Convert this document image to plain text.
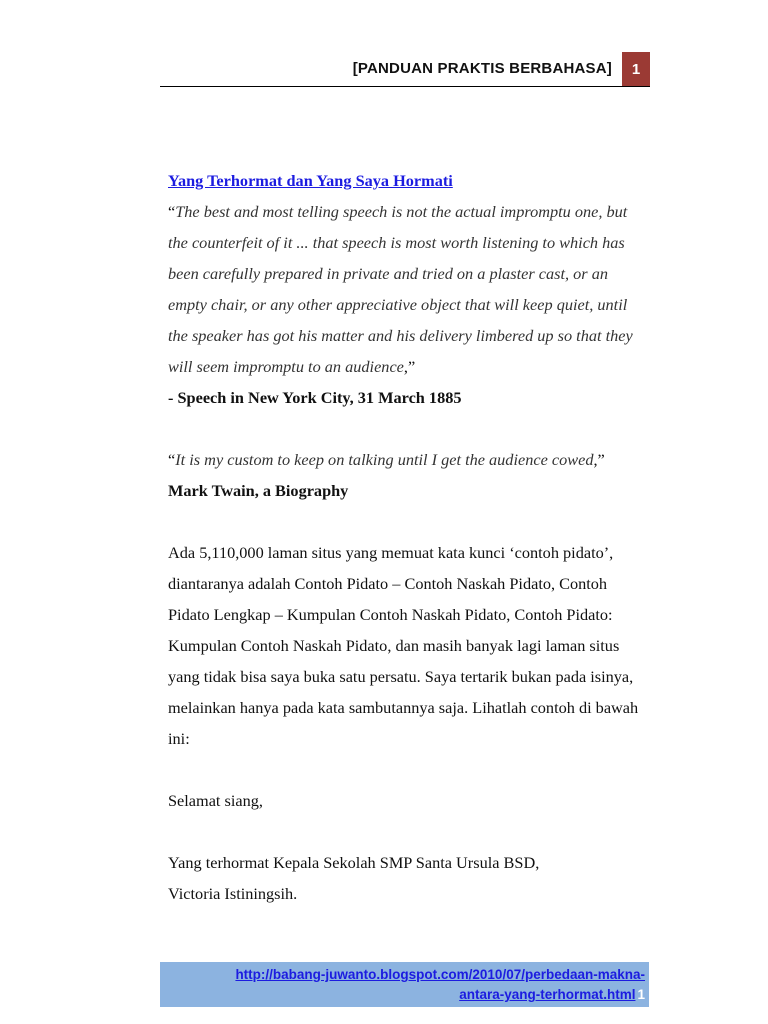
[PANDUAN PRAKTIS BERBAHASA]	1

Yang Terhormat dan Yang Saya Hormati

“The best and most telling speech is not the actual impromptu one, but the counterfeit of it ... that speech is most worth listening to which has been carefully prepared in private and tried on a plaster cast, or an empty chair, or any other appreciative object that will keep quiet, until the speaker has got his matter and his delivery limbered up so that they will seem impromptu to an audience,”

- Speech in New York City, 31 March 1885

“It is my custom to keep on talking until I get the audience cowed,” Mark Twain, a Biography

Ada 5,110,000 laman situs yang memuat kata kunci ‘contoh pidato’, diantaranya adalah Contoh Pidato – Contoh Naskah Pidato, Contoh Pidato Lengkap – Kumpulan Contoh Naskah Pidato, Contoh Pidato: Kumpulan Contoh Naskah Pidato, dan masih banyak lagi laman situs yang tidak bisa saya buka satu persatu. Saya tertarik bukan pada isinya, melainkan hanya pada kata sambutannya saja. Lihatlah contoh di bawah ini:

Selamat siang,

Yang terhormat Kepala Sekolah SMP Santa Ursula BSD,

Victoria Istiningsih.

http://babang-juwanto.blogspot.com/2010/07/perbedaan-makna-
antara-yang-terhormat.html 1
